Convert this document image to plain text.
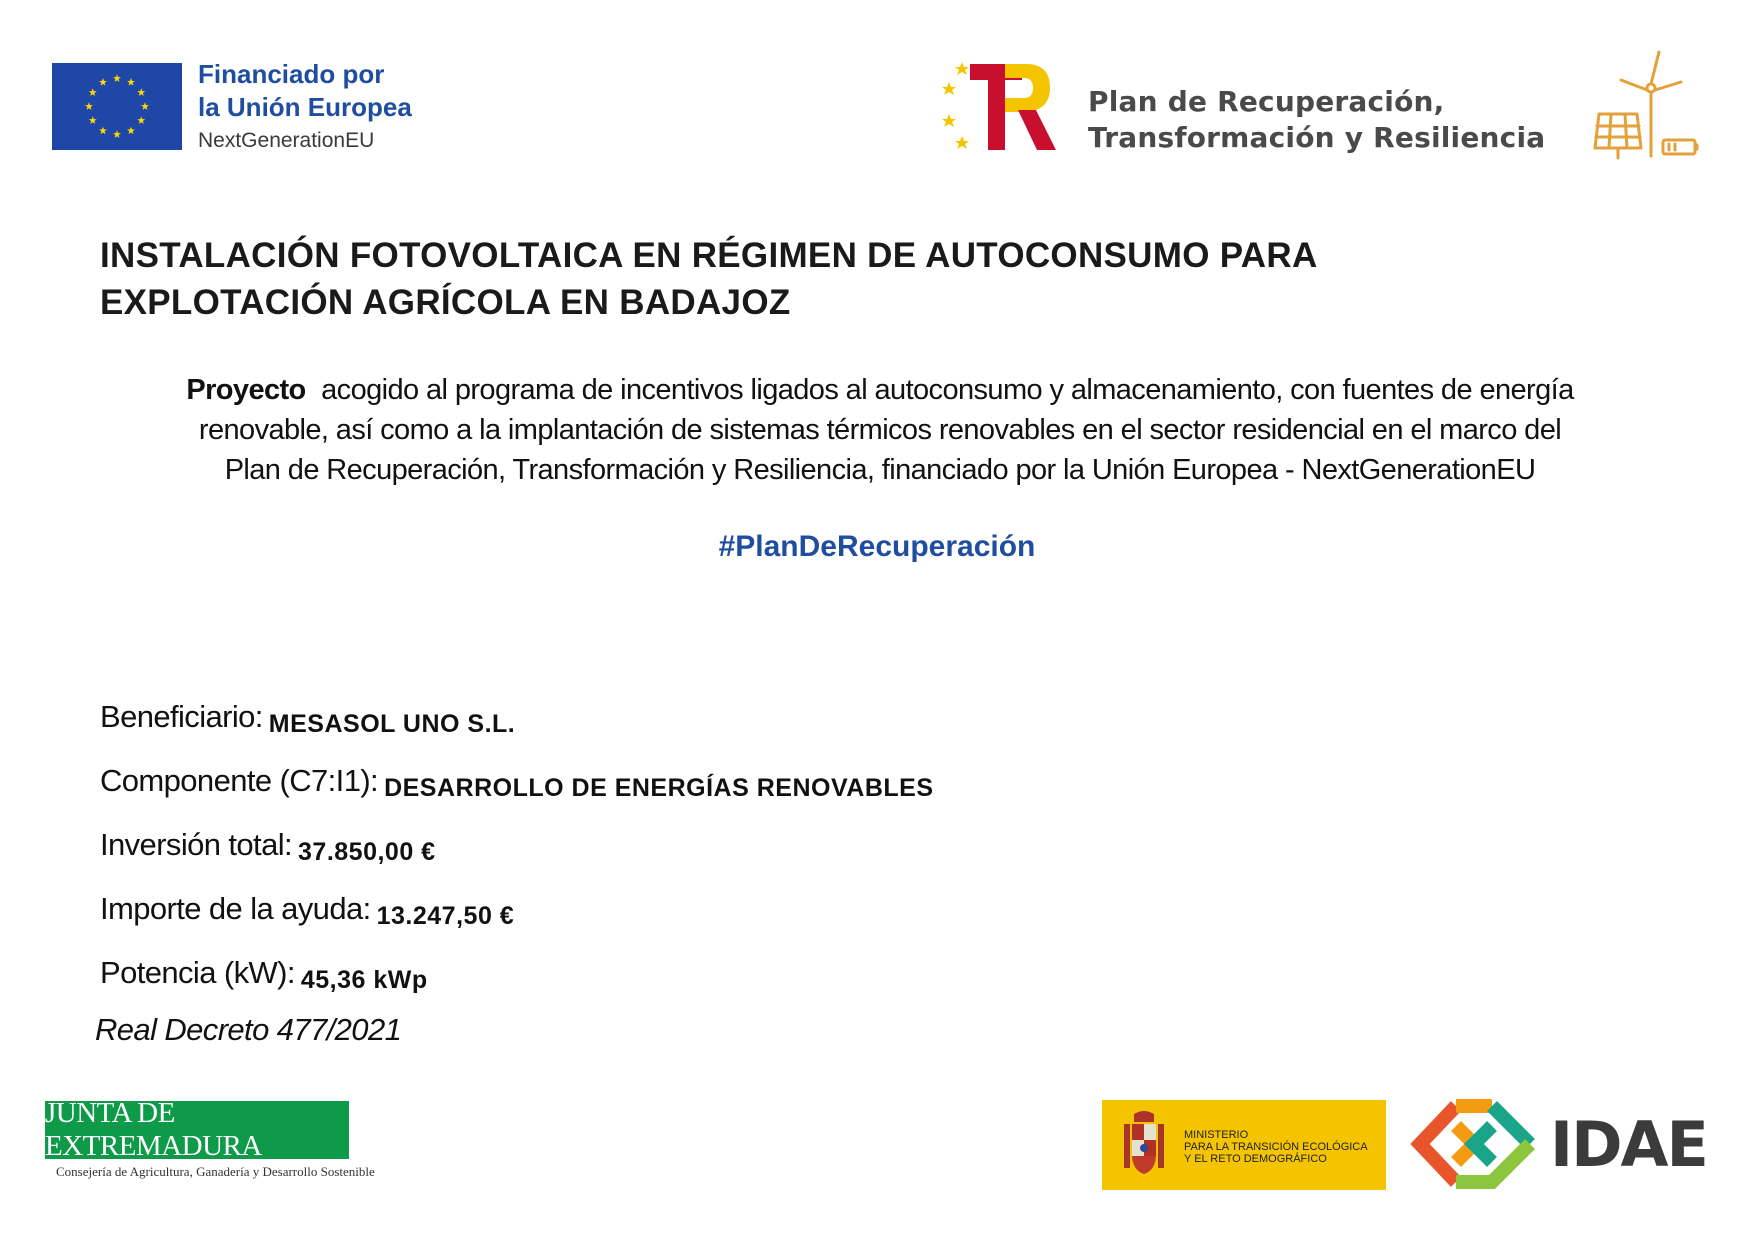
Financiado por
la Unión Europea
NextGenerationEU
Plan de Recuperación,
Transformación y Resiliencia
INSTALACIÓN FOTOVOLTAICA EN RÉGIMEN DE AUTOCONSUMO PARA
EXPLOTACIÓN AGRÍCOLA EN BADAJOZ
Proyecto acogido al programa de incentivos ligados al autoconsumo y almacenamiento, con fuentes de energía
renovable, así como a la implantación de sistemas térmicos renovables en el sector residencial en el marco del
Plan de Recuperación, Transformación y Resiliencia, financiado por la Unión Europea - NextGenerationEU
#PlanDeRecuperación
Beneficiario: MESASOL UNO S.L.
Componente (C7:I1): DESARROLLO DE ENERGÍAS RENOVABLES
Inversión total: 37.850,00 €
Importe de la ayuda: 13.247,50 €
Potencia (kW): 45,36 kWp
Real Decreto 477/2021
JUNTA DE EXTREMADURA
Consejería de Agricultura, Ganadería y Desarrollo Sostenible
MINISTERIO
PARA LA TRANSICIÓN ECOLÓGICA
Y EL RETO DEMOGRÁFICO	IDAE
